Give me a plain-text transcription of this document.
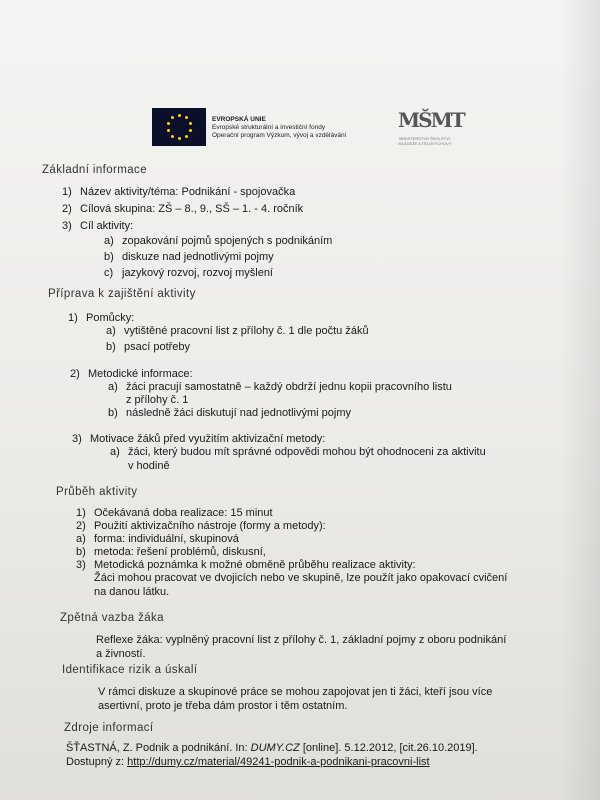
EVROPSKÁ UNIE
Evropské strukturální a investiční fondy
Operační program Výzkum, vývoj a vzdělávání
MŠMT
MINISTERSTVO ŠKOLSTVÍ, MLÁDEŽE A TĚLOVÝCHOVY
Základní informace
1) Název aktivity/téma: Podnikání - spojovačka
2) Cílová skupina: ZŠ – 8., 9., SŠ – 1. - 4. ročník
3) Cíl aktivity:
a) zopakování pojmů spojených s podnikáním
b) diskuze nad jednotlivými pojmy
c) jazykový rozvoj, rozvoj myšlení
Příprava k zajištění aktivity
1) Pomůcky:
a) vytištěné pracovní list z přílohy č. 1 dle počtu žáků
b) psací potřeby
2) Metodické informace:
a) žáci pracují samostatně – každý obdrží jednu kopii pracovního listu
z přílohy č. 1
b) následně žáci diskutují nad jednotlivými pojmy
3) Motivace žáků před využitím aktivizační metody:
a) žáci, který budou mít správné odpovědi mohou být ohodnoceni za aktivitu
v hodině
Průběh aktivity
1) Očekávaná doba realizace: 15 minut
2) Použití aktivizačního nástroje (formy a metody):
a) forma: individuální, skupinová
b) metoda: řešení problémů, diskusní,
3) Metodická poznámka k možné obměně průběhu realizace aktivity:
Žáci mohou pracovat ve dvojicích nebo ve skupině, lze použít jako opakovací cvičení
na danou látku.
Zpětná vazba žáka
Reflexe žáka: vyplněný pracovní list z přílohy č. 1, základní pojmy z oboru podnikání
a živností.
Identifikace rizik a úskalí
V rámci diskuze a skupinové práce se mohou zapojovat jen ti žáci, kteří jsou více
asertivní, proto je třeba dám prostor i těm ostatním.
Zdroje informací
ŠŤASTNÁ, Z. Podnik a podnikání. In: DUMY.CZ [online]. 5.12.2012, [cit.26.10.2019].
Dostupný z: http://dumy.cz/material/49241-podnik-a-podnikani-pracovni-list
